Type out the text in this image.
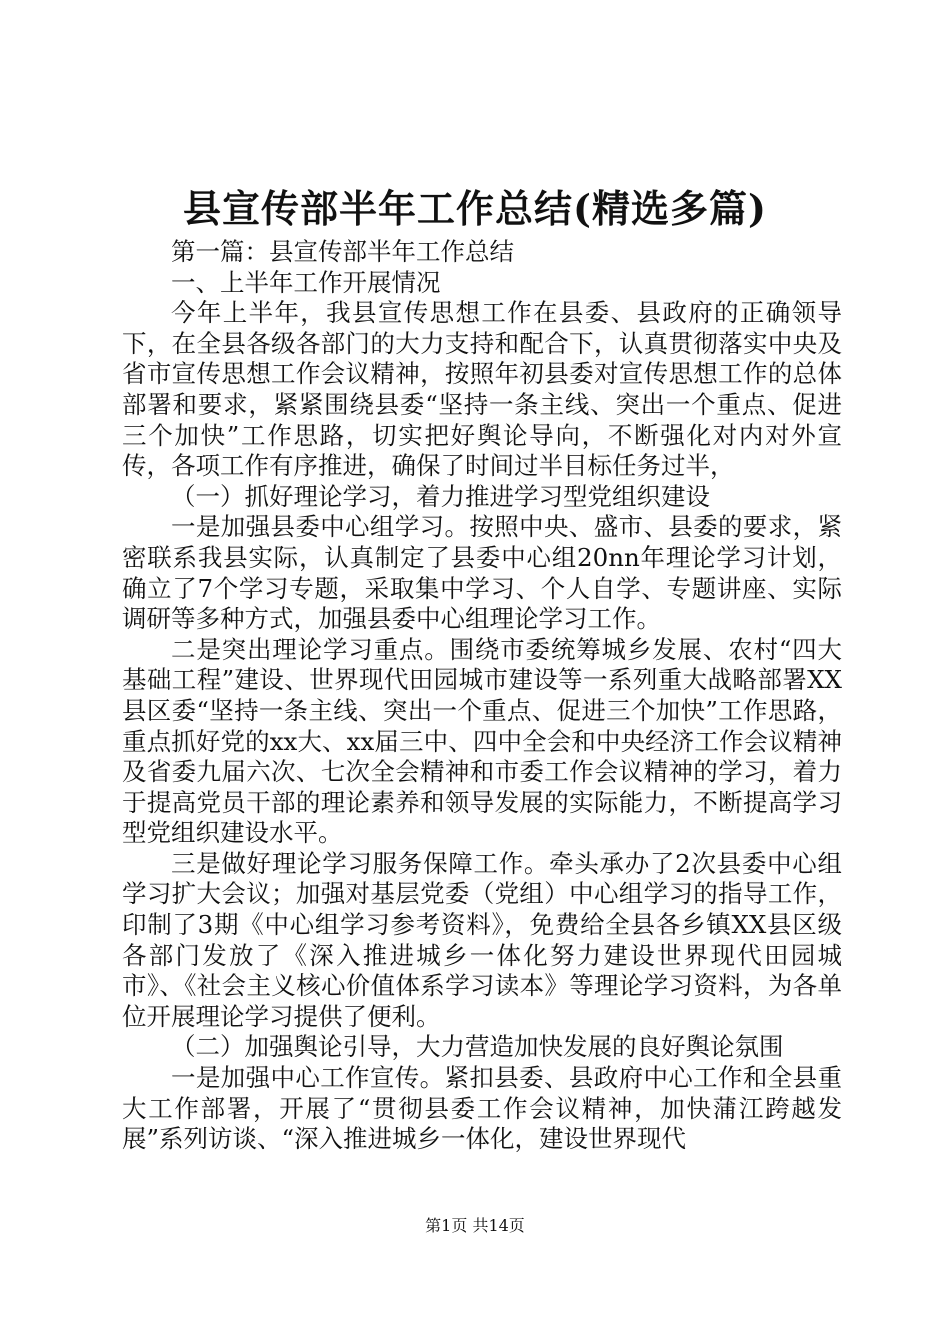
县宣传部半年工作总结(精选多篇)

第一篇：县宣传部半年工作总结

一、上半年工作开展情况

今年上半年，我县宣传思想工作在县委、县政府的正确领导下，在全县各级各部门的大力支持和配合下，认真贯彻落实中央及省市宣传思想工作会议精神，按照年初县委对宣传思想工作的总体部署和要求，紧紧围绕县委“坚持一条主线、突出一个重点、促进三个加快”工作思路，切实把好舆论导向，不断强化对内对外宣传，各项工作有序推进，确保了时间过半目标任务过半，

（一）抓好理论学习，着力推进学习型党组织建设

一是加强县委中心组学习。按照中央、盛市、县委的要求，紧密联系我县实际，认真制定了县委中心组20nn年理论学习计划，确立了7个学习专题，采取集中学习、个人自学、专题讲座、实际调研等多种方式，加强县委中心组理论学习工作。

二是突出理论学习重点。围绕市委统筹城乡发展、农村“四大基础工程”建设、世界现代田园城市建设等一系列重大战略部署XX县区委“坚持一条主线、突出一个重点、促进三个加快”工作思路，重点抓好党的xx大、xx届三中、四中全会和中央经济工作会议精神及省委九届六次、七次全会精神和市委工作会议精神的学习，着力于提高党员干部的理论素养和领导发展的实际能力，不断提高学习型党组织建设水平。

三是做好理论学习服务保障工作。牵头承办了2次县委中心组学习扩大会议；加强对基层党委（党组）中心组学习的指导工作，印制了3期《中心组学习参考资料》，免费给全县各乡镇XX县区级各部门发放了《深入推进城乡一体化努力建设世界现代田园城市》、《社会主义核心价值体系学习读本》等理论学习资料，为各单位开展理论学习提供了便利。

（二）加强舆论引导，大力营造加快发展的良好舆论氛围

一是加强中心工作宣传。紧扣县委、县政府中心工作和全县重大工作部署，开展了“贯彻县委工作会议精神，加快蒲江跨越发展”系列访谈、“深入推进城乡一体化，建设世界现代

第1页 共14页
